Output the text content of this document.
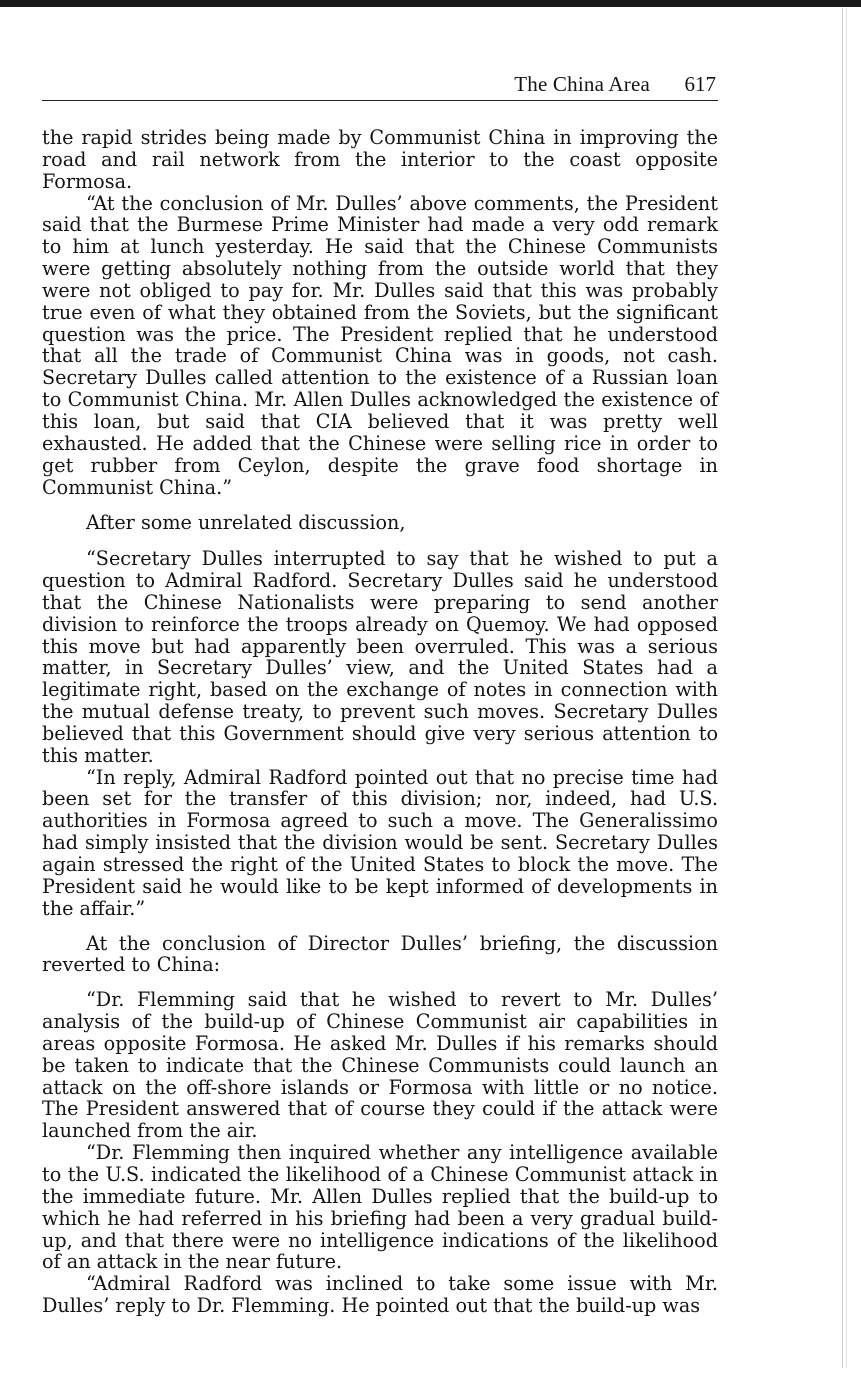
The China Area 617

the rapid strides being made by Communist China in improving the road and rail network from the interior to the coast opposite Formosa.

“At the conclusion of Mr. Dulles’ above comments, the President said that the Burmese Prime Minister had made a very odd remark to him at lunch yesterday. He said that the Chinese Communists were getting absolutely nothing from the outside world that they were not obliged to pay for. Mr. Dulles said that this was probably true even of what they obtained from the Soviets, but the significant question was the price. The President replied that he understood that all the trade of Communist China was in goods, not cash. Secretary Dulles called attention to the existence of a Russian loan to Communist China. Mr. Allen Dulles acknowledged the existence of this loan, but said that CIA believed that it was pretty well exhausted. He added that the Chinese were selling rice in order to get rubber from Ceylon, despite the grave food shortage in Communist China.”

After some unrelated discussion,

“Secretary Dulles interrupted to say that he wished to put a question to Admiral Radford. Secretary Dulles said he understood that the Chinese Nationalists were preparing to send another division to reinforce the troops already on Quemoy. We had opposed this move but had apparently been overruled. This was a serious matter, in Secretary Dulles’ view, and the United States had a legitimate right, based on the exchange of notes in connection with the mutual defense treaty, to prevent such moves. Secretary Dulles believed that this Government should give very serious attention to this matter.

“In reply, Admiral Radford pointed out that no precise time had been set for the transfer of this division; nor, indeed, had U.S. authorities in Formosa agreed to such a move. The Generalissimo had simply insisted that the division would be sent. Secretary Dulles again stressed the right of the United States to block the move. The President said he would like to be kept informed of developments in the affair.”

At the conclusion of Director Dulles’ briefing, the discussion reverted to China:

“Dr. Flemming said that he wished to revert to Mr. Dulles’ analysis of the build-up of Chinese Communist air capabilities in areas opposite Formosa. He asked Mr. Dulles if his remarks should be taken to indicate that the Chinese Communists could launch an attack on the off-shore islands or Formosa with little or no notice. The President answered that of course they could if the attack were launched from the air.

“Dr. Flemming then inquired whether any intelligence available to the U.S. indicated the likelihood of a Chinese Communist attack in the immediate future. Mr. Allen Dulles replied that the build-up to which he had referred in his briefing had been a very gradual build-up, and that there were no intelligence indications of the likelihood of an attack in the near future.

“Admiral Radford was inclined to take some issue with Mr. Dulles’ reply to Dr. Flemming. He pointed out that the build-up was
